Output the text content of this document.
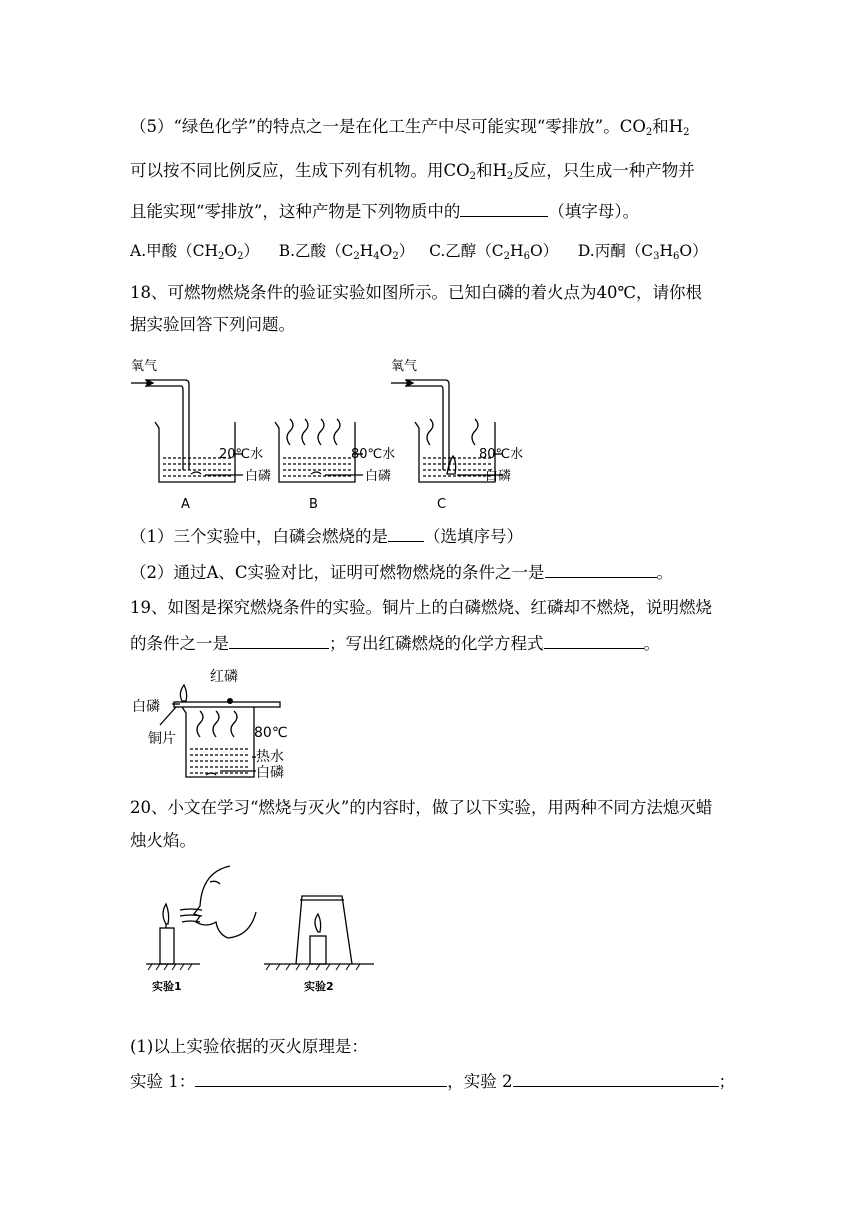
（5）“绿色化学”的特点之一是在化工生产中尽可能实现“零排放”。$CO_2$和$H_2$
可以按不同比例反应，生成下列有机物。用$CO_2$和$H_2$反应，只生成一种产物并
且能实现“零排放”，这种产物是下列物质中的	（填字母）。
A.甲酸$(CH_2O_2)$ B.乙酸$(C_2H_4O_2)$ C.乙醇$(C_2H_6O)$ D.丙酮$(C_3H_6O)$
18、可燃物燃烧条件的验证实验如图所示。已知白磷的着火点为40℃，请你根
据实验回答下列问题。
氧气
20℃水
白磷
A
80℃水
白磷
B
氧气
80℃水
白磷
C
（1）三个实验中，白磷会燃烧的是 （选填序号）
（2）通过A、C实验对比，证明可燃物燃烧的条件之一是	。
19、如图是探究燃烧条件的实验。铜片上的白磷燃烧、红磷却不燃烧，说明燃烧
的条件之一是	；写出红磷燃烧的化学方程式	。
红磷
白磷
铜片	80℃
热水
白磷
20、小文在学习“燃烧与灭火”的内容时，做了以下实验，用两种不同方法熄灭蜡
烛火焰。
实验1	实验2
(1)以上实验依据的灭火原理是：
实验 1：	，实验 2	；
